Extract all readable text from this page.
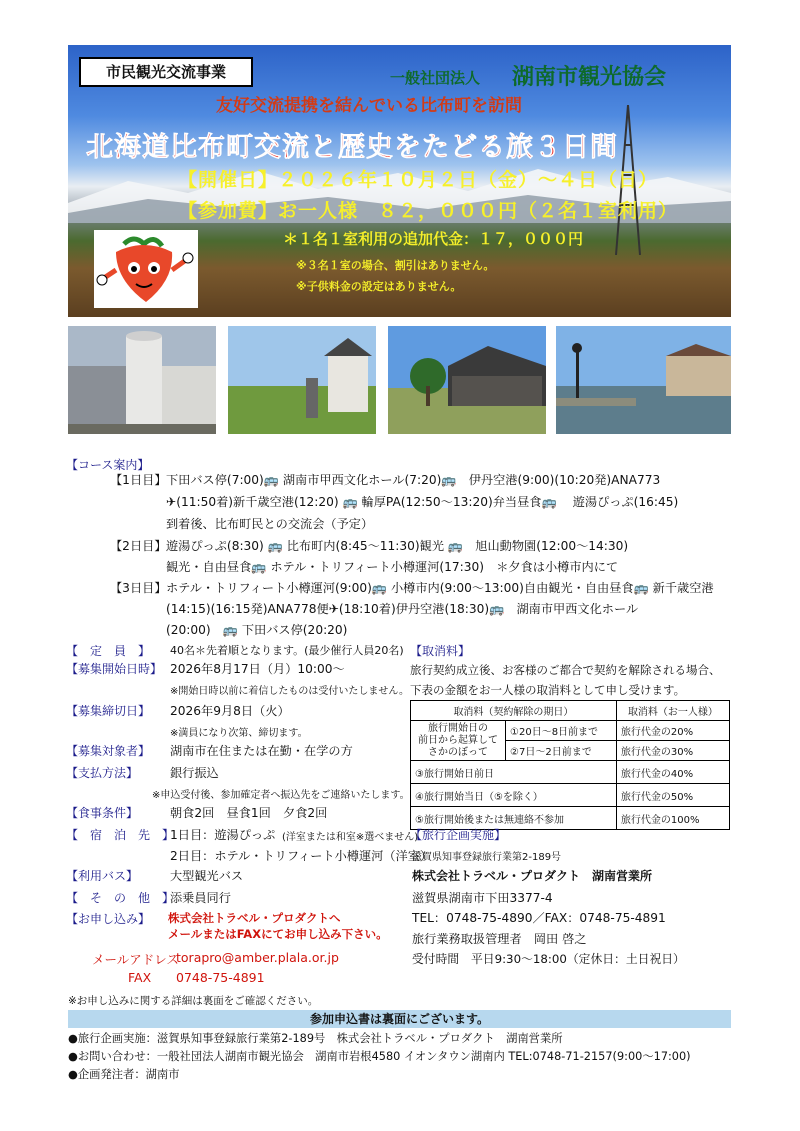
市民観光交流事業	一般社団法人 湖南市観光協会
友好交流提携を結んでいる比布町を訪問
北海道比布町交流と歴史をたどる旅３日間
【開催日】２０２６年１０月２日（金）～４日（日）
【参加費】お一人様　８２，０００円（２名１室利用）
＊１名１室利用の追加代金：１７，０００円
※３名１室の場合、割引はありません。
※子供料金の設定はありません。
【コース案内】
【1日目】 下田バス停(7:00)🚌 湖南市甲西文化ホール(7:20)🚌　伊丹空港(9:00)(10:20発)ANA773
✈(11:50着)新千歳空港(12:20) 🚌 輪厚PA(12:50～13:20)弁当昼食🚌　 遊湯ぴっぷ(16:45)
到着後、比布町民との交流会（予定）
【2日目】 遊湯ぴっぷ(8:30) 🚌 比布町内(8:45～11:30)観光 🚌　旭山動物園(12:00～14:30)
観光・自由昼食🚌 ホテル・トリフィート小樽運河(17:30)　＊夕食は小樽市内にて
【3日目】 ホテル・トリフィート小樽運河(9:00)🚌 小樽市内(9:00～13:00)自由観光・自由昼食🚌 新千歳空港
(14:15)(16:15発)ANA778便✈(18:10着)伊丹空港(18:30)🚌　湖南市甲西文化ホール
(20:00)　🚌 下田バス停(20:20)
【　定　員　】 40名＊先着順となります。(最少催行人員20名)
【募集開始日時】 2026年8月17日（月）10:00～
※開始日時以前に着信したものは受付いたしません。
【募集締切日】 2026年9月8日（火）
※満員になり次第、締切ます。
【募集対象者】 湖南市在住または在勤・在学の方
【支払方法】	銀行振込
※申込受付後、参加確定者へ振込先をご連絡いたします。
【食事条件】	朝食2回　昼食1回　夕食2回
【　宿　泊　先　】
1日目：遊湯ぴっぷ (洋室または和室※選べません)
2日目：ホテル・トリフィート小樽運河（洋室）
【利用バス】	大型観光バス
【　そ　の　他　】
添乗員同行
【お申し込み】 株式会社トラベル・プロダクトへ
メールまたはFAXにてお申し込み下さい。
メールアドレス
torapro@amber.plala.or.jp
FAX 0748-75-4891
※お申し込みに関する詳細は裏面をご確認ください。
【取消料】
旅行契約成立後、お客様のご都合で契約を解除される場合、
下表の金額をお一人様の取消料として申し受けます。
取消料（契約解除の期日）		取消料（お一人様）
旅行開始日の
前日から起算して
さかのぼって	①20日～8日前まで	旅行代金の20%
	②7日～2日前まで	旅行代金の30%
③旅行開始日前日		旅行代金の40%
④旅行開始当日（⑤を除く）		旅行代金の50%
⑤旅行開始後または無連絡不参加		旅行代金の100%
【旅行企画実施】
滋賀県知事登録旅行業第2-189号
株式会社トラベル・プロダクト　湖南営業所
滋賀県湖南市下田3377-4
TEL：0748-75-4890／FAX：0748-75-4891
旅行業務取扱管理者　岡田 啓之
受付時間　平日9:30～18:00（定休日：土日祝日）
参加申込書は裏面にございます。
●旅行企画実施：滋賀県知事登録旅行業第2-189号　株式会社トラベル・プロダクト　湖南営業所
●お問い合わせ：一般社団法人湖南市観光協会　湖南市岩根4580 イオンタウン湖南内 TEL:0748-71-2157(9:00～17:00)
●企画発注者：湖南市
